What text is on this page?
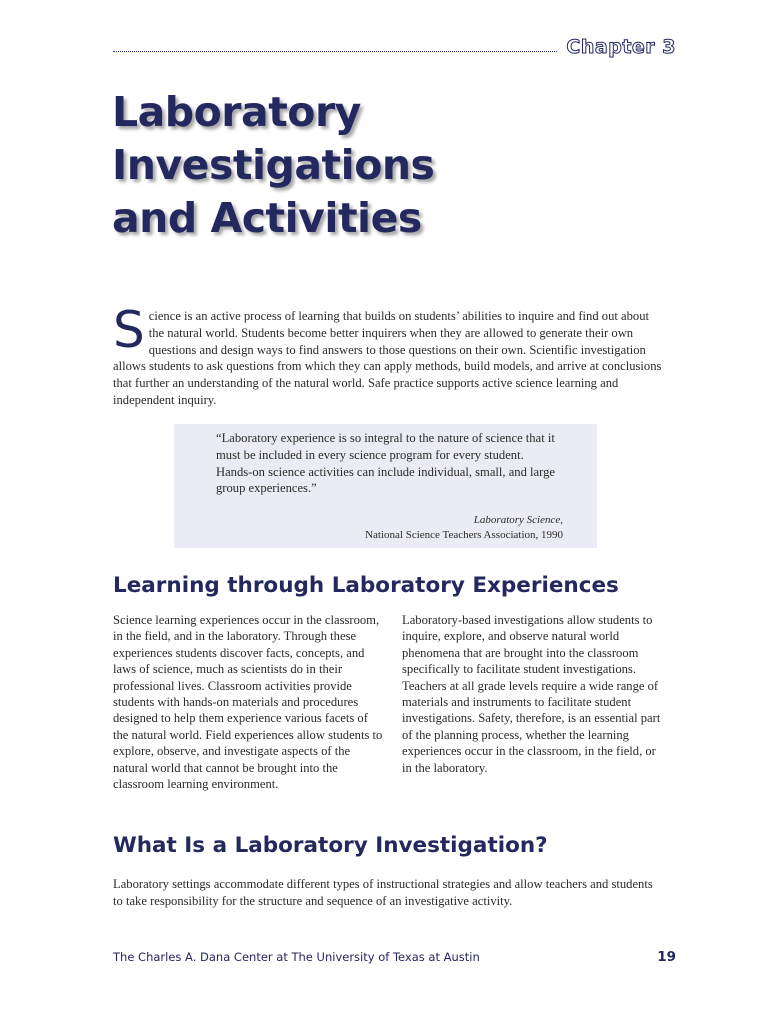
Chapter 3
Laboratory
Investigations
and Activities

Science is an active process of learning that builds on students’ abilities to inquire and find out about the natural world. Students become better inquirers when they are allowed to generate their own questions and design ways to find answers to those questions on their own. Scientific investigation allows students to ask questions from which they can apply methods, build models, and arrive at conclusions that further an understanding of the natural world. Safe practice supports active science learning and independent inquiry.

“Laboratory experience is so integral to the nature of science that it must be included in every science program for every student. Hands-on science activities can include individual, small, and large group experiences.”

Laboratory Science,
National Science Teachers Association, 1990
Learning through Laboratory Experiences

Science learning experiences occur in the classroom, in the field, and in the laboratory. Through these experiences students discover facts, concepts, and laws of science, much as scientists do in their professional lives. Classroom activities provide students with hands-on materials and procedures designed to help them experience various facets of the natural world. Field experiences allow students to explore, observe, and investigate aspects of the natural world that cannot be brought into the classroom learning environment.

Laboratory-based investigations allow students to inquire, explore, and observe natural world phenomena that are brought into the classroom specifically to facilitate student investigations. Teachers at all grade levels require a wide range of materials and instruments to facilitate student investigations. Safety, therefore, is an essential part of the planning process, whether the learning experiences occur in the classroom, in the field, or in the laboratory.

What Is a Laboratory Investigation?

Laboratory settings accommodate different types of instructional strategies and allow teachers and students to take responsibility for the structure and sequence of an investigative activity.

The Charles A. Dana Center at The University of Texas at Austin	19
